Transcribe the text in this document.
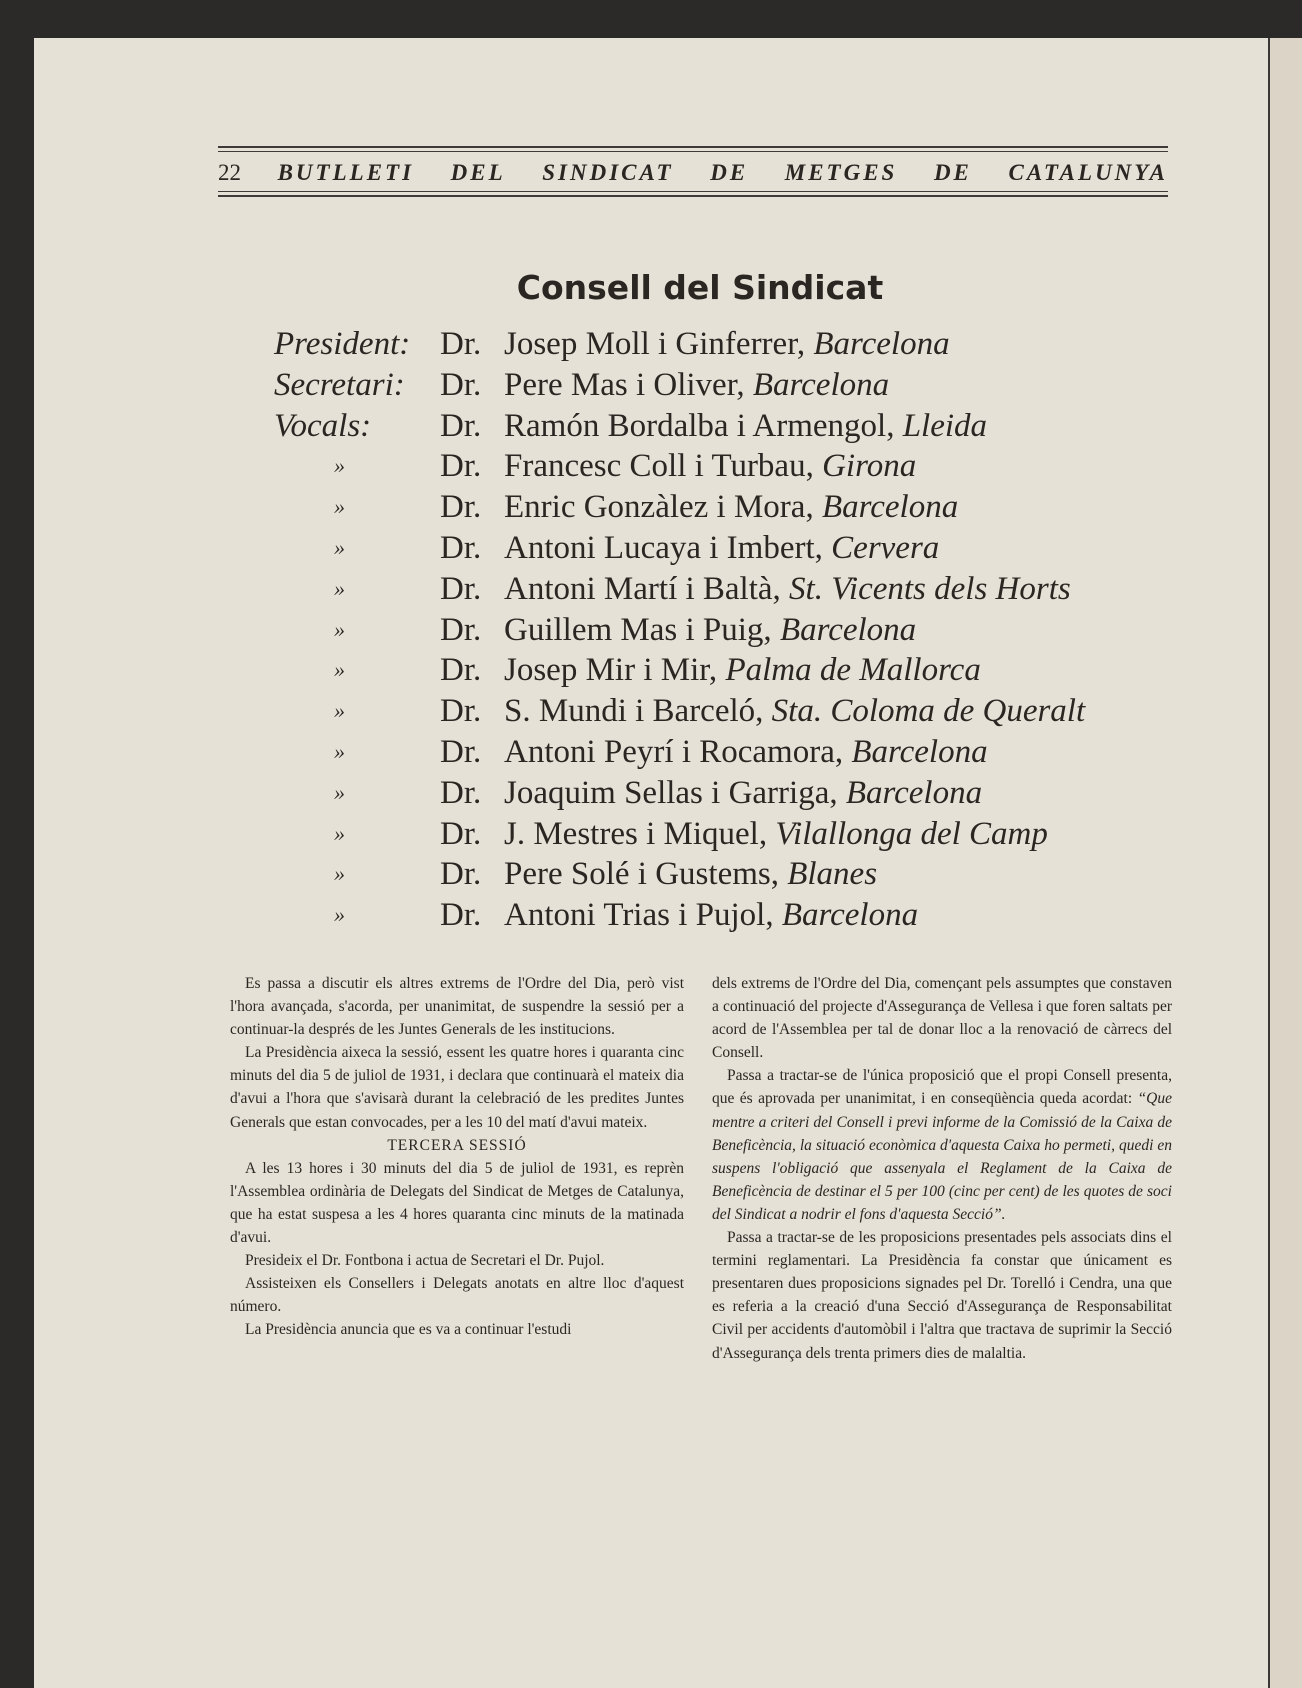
22 BUTLLETI DEL SINDICAT DE METGES DE CATALUNYA
Consell del Sindicat
President: Dr. Josep Moll i Ginferrer, Barcelona
Secretari: Dr. Pere Mas i Oliver, Barcelona
Vocals: Dr. Ramón Bordalba i Armengol, Lleida
»	Dr. Francesc Coll i Turbau, Girona
»	Dr. Enric Gonzàlez i Mora, Barcelona
»	Dr. Antoni Lucaya i Imbert, Cervera
»	Dr. Antoni Martí i Baltà, St. Vicents dels Horts
»	Dr. Guillem Mas i Puig, Barcelona
»	Dr. Josep Mir i Mir, Palma de Mallorca
»	Dr. S. Mundi i Barceló, Sta. Coloma de Queralt
»	Dr. Antoni Peyrí i Rocamora, Barcelona
»	Dr. Joaquim Sellas i Garriga, Barcelona
»	Dr. J. Mestres i Miquel, Vilallonga del Camp
»	Dr. Pere Solé i Gustems, Blanes
»	Dr. Antoni Trias i Pujol, Barcelona

Es passa a discutir els altres extrems de l'Ordre del Dia, però vist l'hora avançada, s'acorda, per unanimitat, de suspendre la sessió per a continuar-la després de les Juntes Generals de les institucions.

La Presidència aixeca la sessió, essent les quatre hores i quaranta cinc minuts del dia 5 de juliol de 1931, i declara que continuarà el mateix dia d'avui a l'hora que s'avisarà durant la celebració de les predites Juntes Generals que estan convocades, per a les 10 del matí d'avui mateix.

TERCERA SESSIÓ

A les 13 hores i 30 minuts del dia 5 de juliol de 1931, es reprèn l'Assemblea ordinària de Delegats del Sindicat de Metges de Catalunya, que ha estat suspesa a les 4 hores quaranta cinc minuts de la matinada d'avui.

Presideix el Dr. Fontbona i actua de Secretari el Dr. Pujol.

Assisteixen els Consellers i Delegats anotats en altre lloc d'aquest número.

La Presidència anuncia que es va a continuar l'estudi

dels extrems de l'Ordre del Dia, començant pels assumptes que constaven a continuació del projecte d'Assegurança de Vellesa i que foren saltats per acord de l'Assemblea per tal de donar lloc a la renovació de càrrecs del Consell.

Passa a tractar-se de l'única proposició que el propi Consell presenta, que és aprovada per unanimitat, i en conseqüència queda acordat: “Que mentre a criteri del Consell i previ informe de la Comissió de la Caixa de Beneficència, la situació econòmica d'aquesta Caixa ho permeti, quedi en suspens l'obligació que assenyala el Reglament de la Caixa de Beneficència de destinar el 5 per 100 (cinc per cent) de les quotes de soci del Sindicat a nodrir el fons d'aquesta Secció”.

Passa a tractar-se de les proposicions presentades pels associats dins el termini reglamentari. La Presidència fa constar que únicament es presentaren dues proposicions signades pel Dr. Torelló i Cendra, una que es referia a la creació d'una Secció d'Assegurança de Responsabilitat Civil per accidents d'automòbil i l'altra que tractava de suprimir la Secció d'Assegurança dels trenta primers dies de malaltia.
